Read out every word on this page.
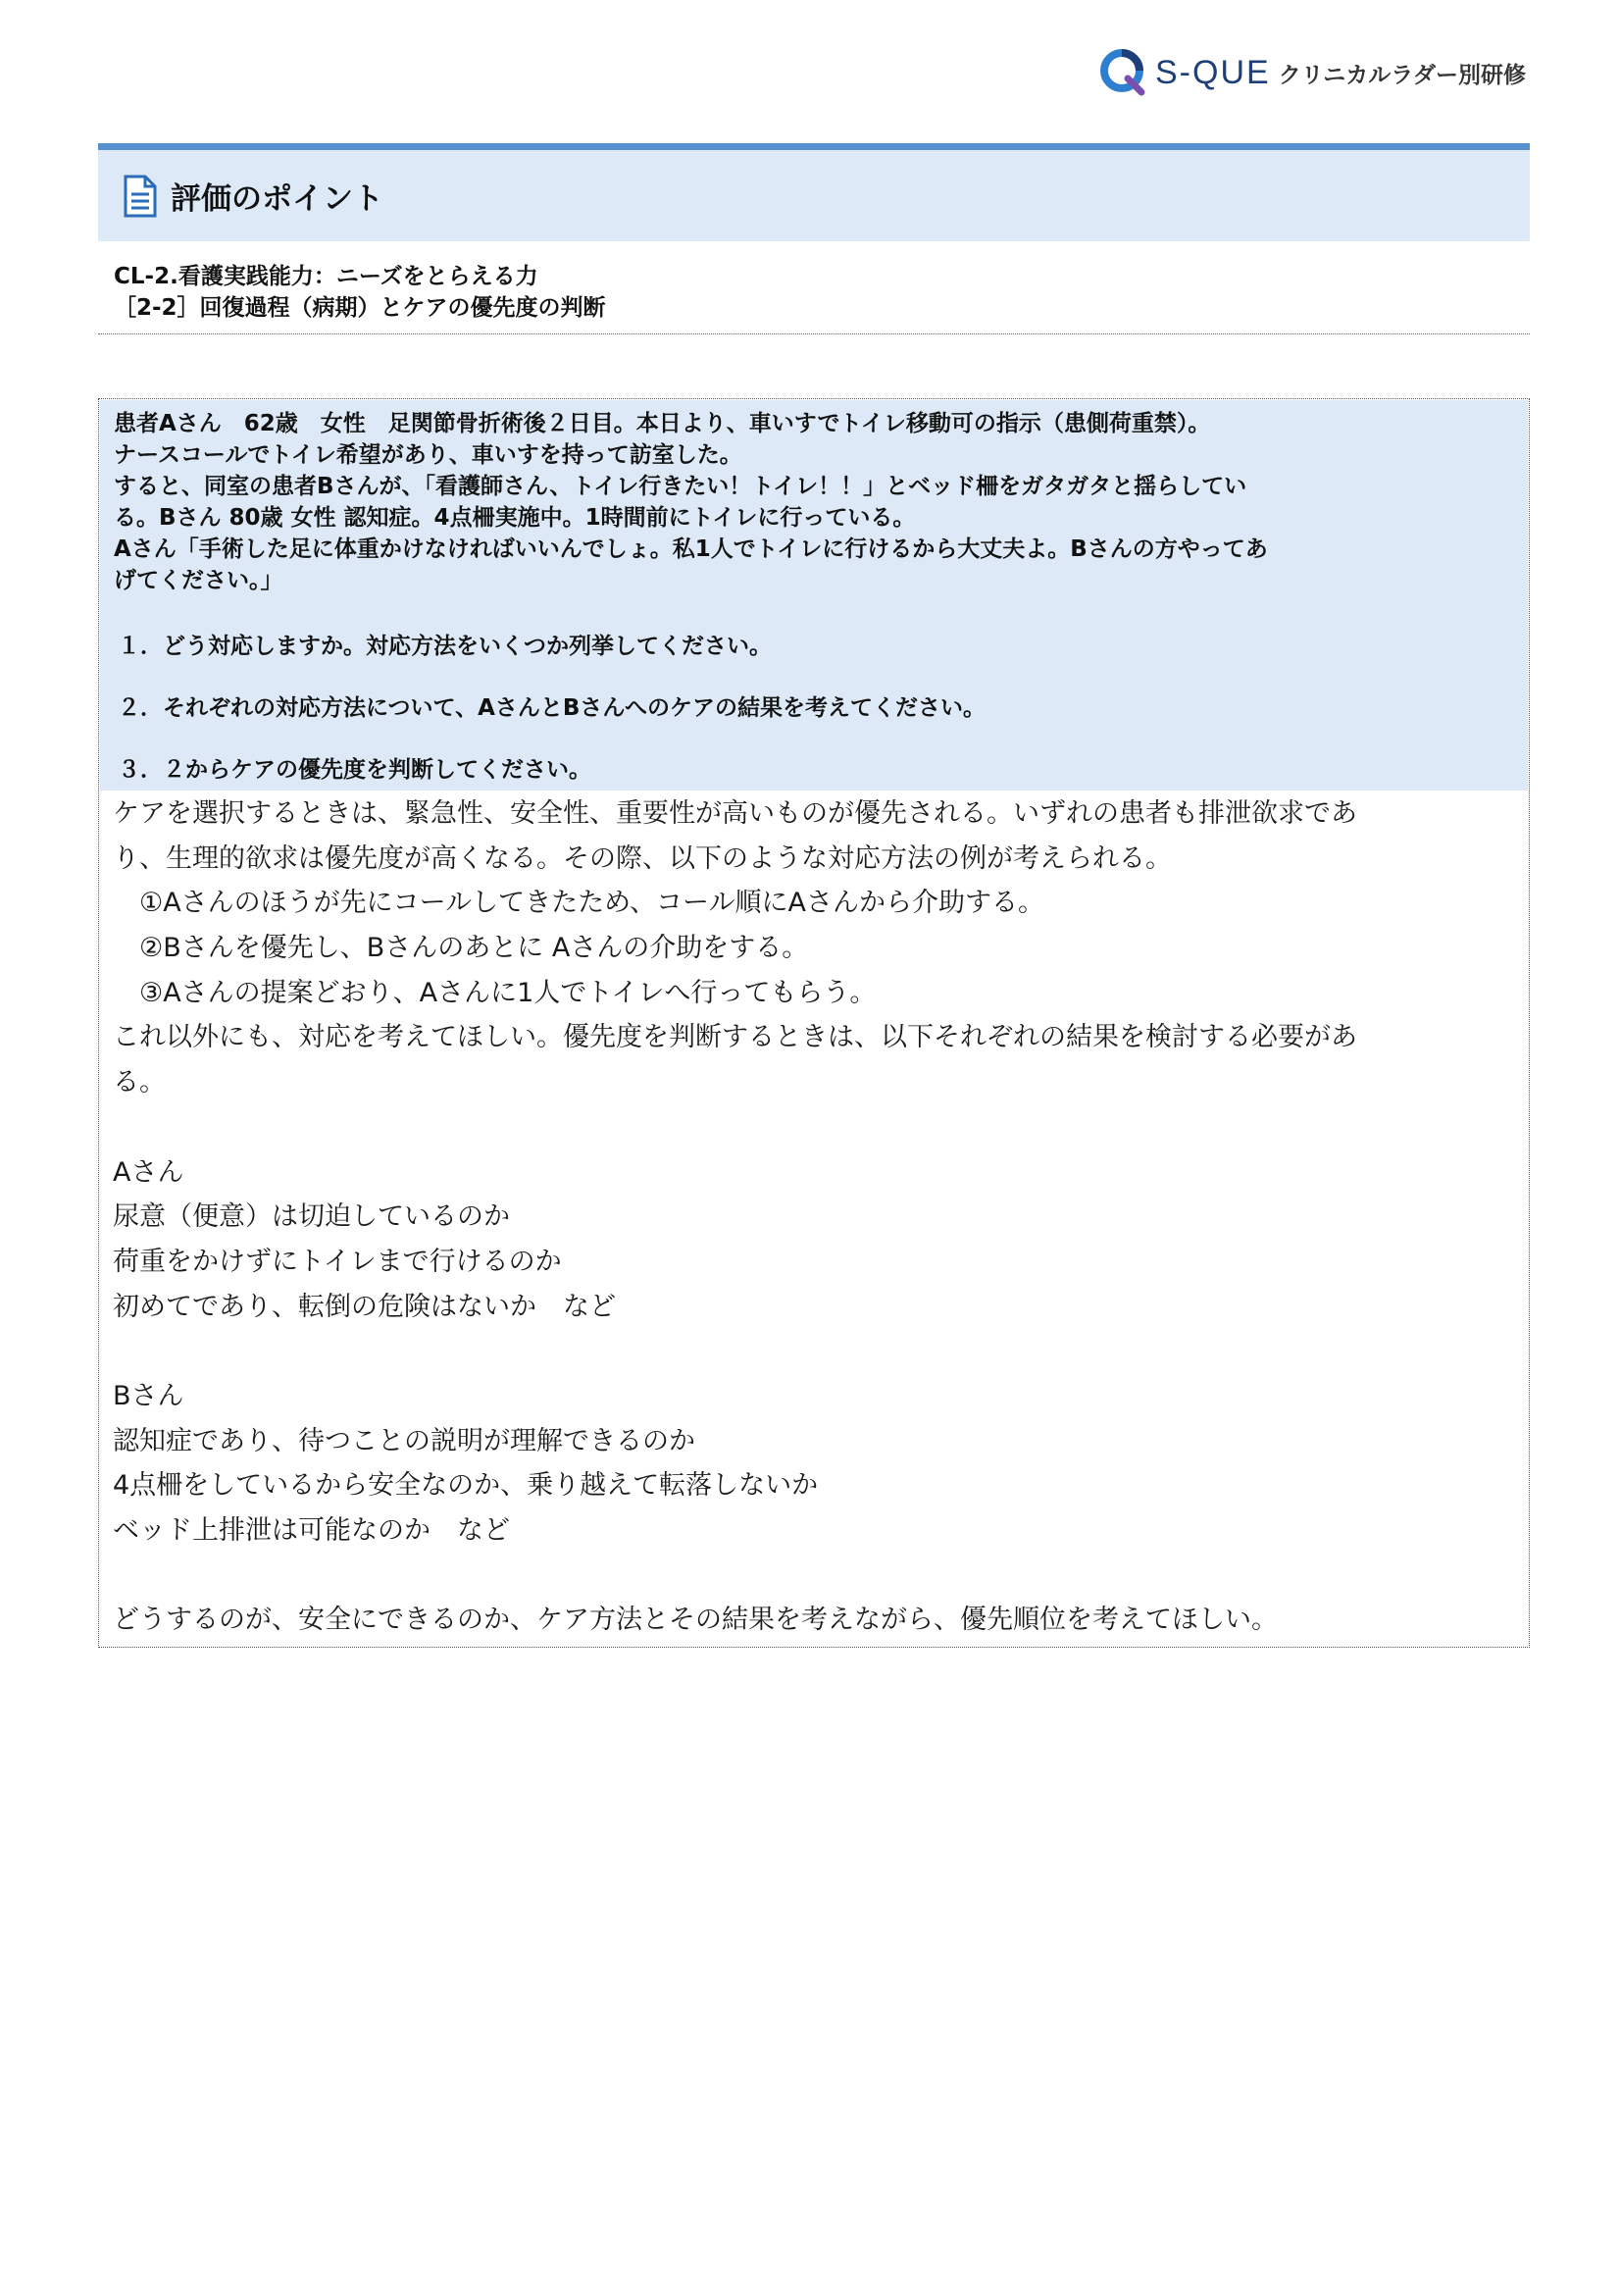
S-QUE クリニカルラダー別研修
評価のポイント
CL-2.看護実践能力：ニーズをとらえる力
［2-2］回復過程（病期）とケアの優先度の判断
患者Aさん　62歳　女性　足関節骨折術後２日目。本日より、車いすでトイレ移動可の指示（患側荷重禁）。
ナースコールでトイレ希望があり、車いすを持って訪室した。
すると、同室の患者Bさんが、「看護師さん、トイレ行きたい！トイレ！！」とベッド柵をガタガタと揺らしてい
る。Bさん 80歳 女性 認知症。4点柵実施中。1時間前にトイレに行っている。
Aさん「手術した足に体重かけなければいいんでしょ。私1人でトイレに行けるから大丈夫よ。Bさんの方やってあ
げてください。」
１．どう対応しますか。対応方法をいくつか列挙してください。
２．それぞれの対応方法について、AさんとBさんへのケアの結果を考えてください。
３．２からケアの優先度を判断してください。
ケアを選択するときは、緊急性、安全性、重要性が高いものが優先される。いずれの患者も排泄欲求であ
り、生理的欲求は優先度が高くなる。その際、以下のような対応方法の例が考えられる。
　①Aさんのほうが先にコールしてきたため、コール順にAさんから介助する。
　②Bさんを優先し、Bさんのあとに Aさんの介助をする。
　③Aさんの提案どおり、Aさんに1人でトイレへ行ってもらう。
これ以外にも、対応を考えてほしい。優先度を判断するときは、以下それぞれの結果を検討する必要があ
る。
Aさん
尿意（便意）は切迫しているのか
荷重をかけずにトイレまで行けるのか
初めてであり、転倒の危険はないか　など
Bさん
認知症であり、待つことの説明が理解できるのか
4点柵をしているから安全なのか、乗り越えて転落しないか
ベッド上排泄は可能なのか　など
どうするのが、安全にできるのか、ケア方法とその結果を考えながら、優先順位を考えてほしい。
